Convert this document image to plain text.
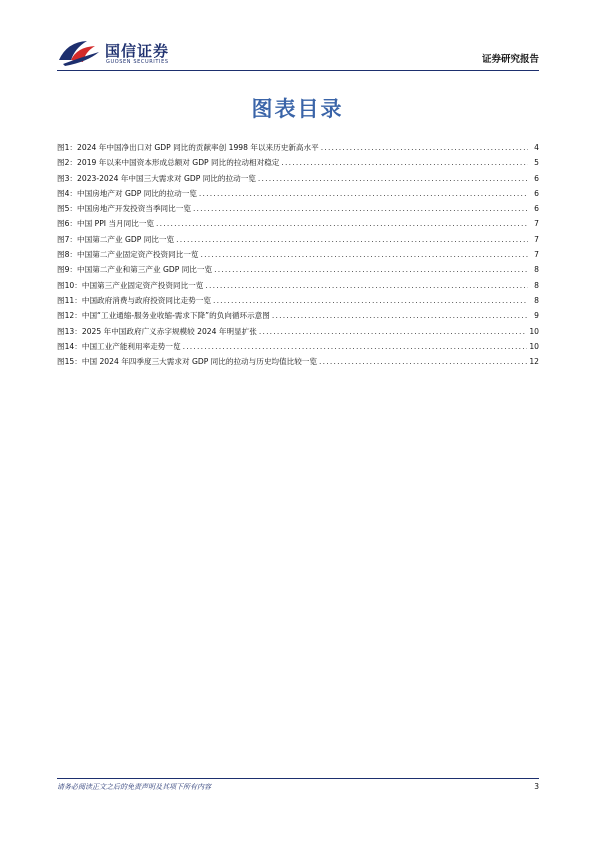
国信证券
GUOSEN SECURITIES	证券研究报告
图表目录
图1： 2024 年中国净出口对 GDP 同比的贡献率创 1998 年以来历史新高水平 .....	4
图2： 2019 年以来中国资本形成总额对 GDP 同比的拉动相对稳定 .....	5
图3： 2023-2024 年中国三大需求对 GDP 同比的拉动一览 .....	6
图4： 中国房地产对 GDP 同比的拉动一览 .....	6
图5： 中国房地产开发投资当季同比一览 .....	6
图6： 中国 PPI 当月同比一览 .....	7
图7： 中国第二产业 GDP 同比一览 .....	7
图8： 中国第二产业固定资产投资同比一览 .....	7
图9： 中国第二产业和第三产业 GDP 同比一览 .....	8
图10： 中国第三产业固定资产投资同比一览 .....	8
图11： 中国政府消费与政府投资同比走势一览 .....	8
图12： 中国“工业通缩-服务业收缩-需求下降”的负向循环示意图 .....	9
图13： 2025 年中国政府广义赤字规模较 2024 年明显扩张 .....	10
图14： 中国工业产能利用率走势一览 .....	10
图15： 中国 2024 年四季度三大需求对 GDP 同比的拉动与历史均值比较一览 .....	12
请务必阅读正文之后的免责声明及其项下所有内容	3
